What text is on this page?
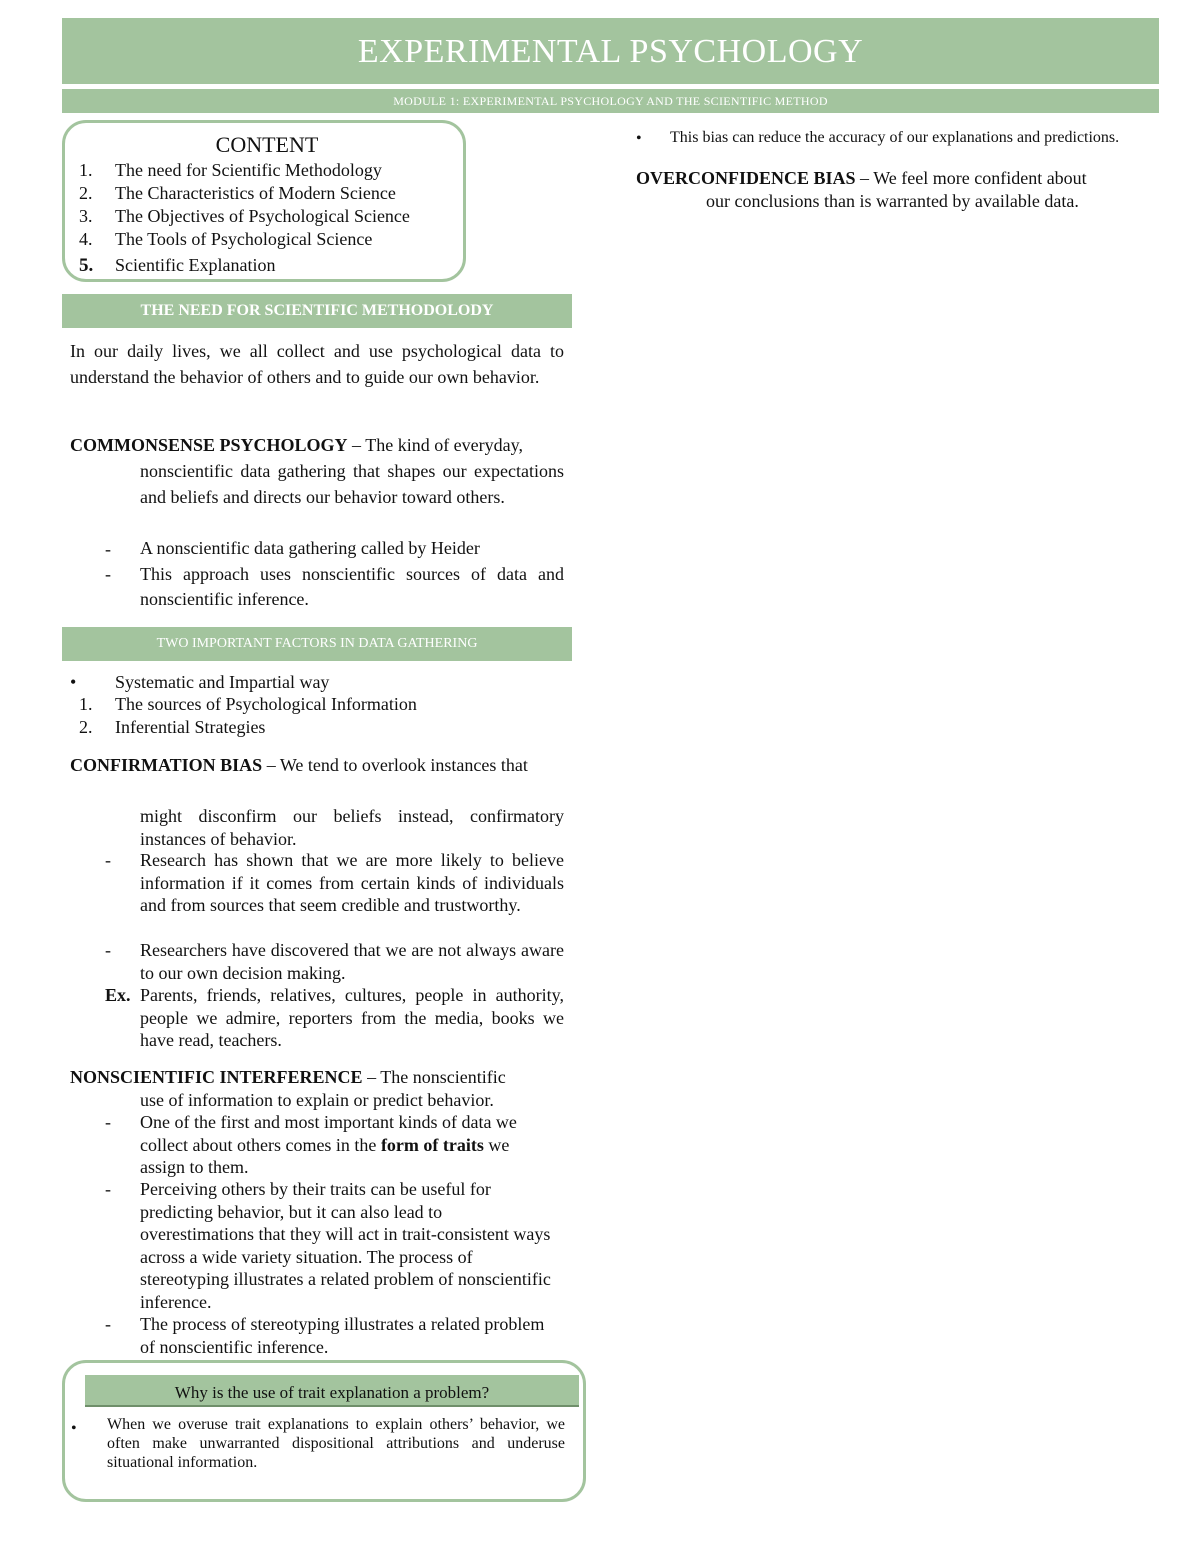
EXPERIMENTAL PSYCHOLOGY
MODULE 1: EXPERIMENTAL PSYCHOLOGY AND THE SCIENTIFIC METHOD
CONTENT
1. The need for Scientific Methodology
2. The Characteristics of Modern Science
3. The Objectives of Psychological Science
4. The Tools of Psychological Science
5. Scientific Explanation
THE NEED FOR SCIENTIFIC METHODOLODY

In our daily lives, we all collect and use psychological data to understand the behavior of others and to guide our own behavior.

COMMONSENSE PSYCHOLOGY – The kind of everyday,

nonscientific data gathering that shapes our expectations and beliefs and directs our behavior toward others.

- A nonscientific data gathering called by Heider

- This approach uses nonscientific sources of data and nonscientific inference.

TWO IMPORTANT FACTORS IN DATA GATHERING
• Systematic and Impartial way
1. The sources of Psychological Information
2. Inferential Strategies

CONFIRMATION BIAS – We tend to overlook instances that

might disconfirm our beliefs instead, confirmatory instances of behavior.

- Research has shown that we are more likely to believe information if it comes from certain kinds of individuals and from sources that seem credible and trustworthy.

- Researchers have discovered that we are not always aware to our own decision making.

Ex. Parents, friends, relatives, cultures, people in authority, people we admire, reporters from the media, books we have read, teachers.

NONSCIENTIFIC INTERFERENCE – The nonscientific

use of information to explain or predict behavior.

- One of the first and most important kinds of data we collect about others comes in the form of traits we assign to them.

- Perceiving others by their traits can be useful for predicting behavior, but it can also lead to overestimations that they will act in trait-consistent ways across a wide variety situation. The process of stereotyping illustrates a related problem of nonscientific inference.

- The process of stereotyping illustrates a related problem of nonscientific inference.

Why is the use of trait explanation a problem?
• When we overuse trait explanations to explain others’ behavior, we often make unwarranted dispositional attributions and underuse situational information.

• This bias can reduce the accuracy of our explanations and predictions.

OVERCONFIDENCE BIAS – We feel more confident about

our conclusions than is warranted by available data.
